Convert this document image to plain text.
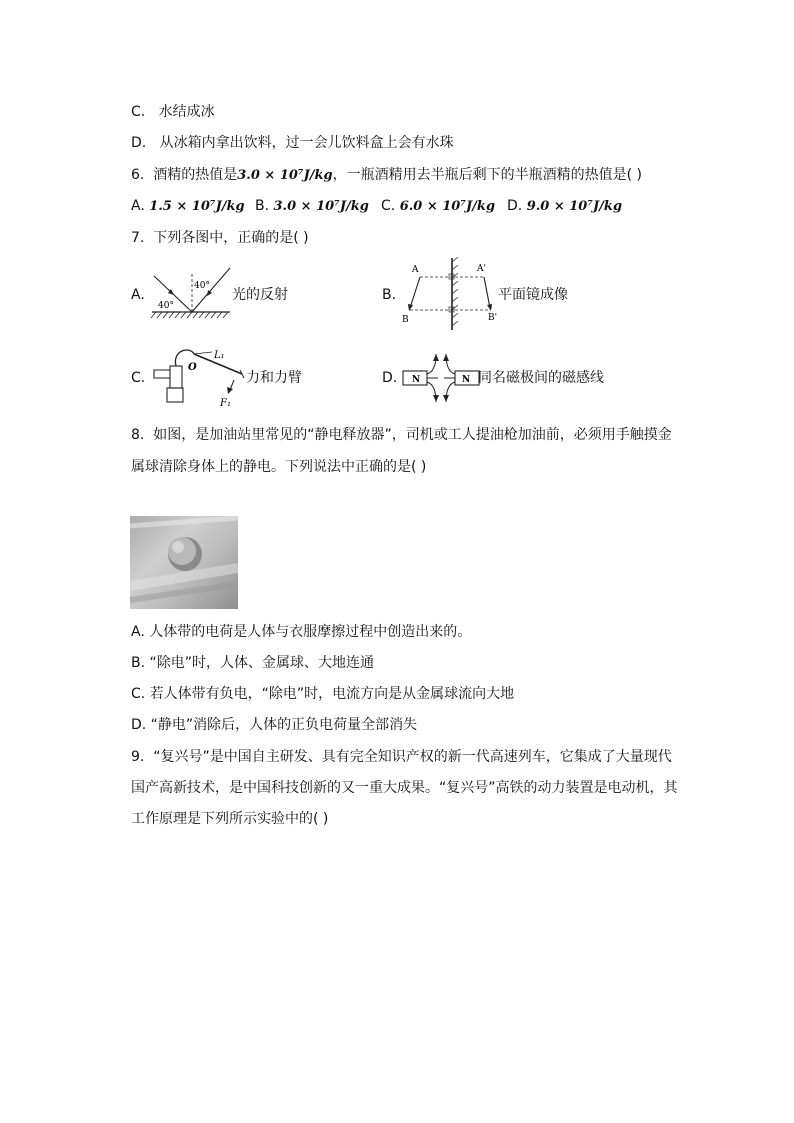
C. 水结成冰
D. 从冰箱内拿出饮料，过一会儿饮料盒上会有水珠
6. 酒精的热值是3.0 × 10⁷J/kg，一瓶酒精用去半瓶后剩下的半瓶酒精的热值是( )
A. 1.5 × 10⁷J/kg B. 3.0 × 10⁷J/kg C. 6.0 × 10⁷J/kg D. 9.0 × 10⁷J/kg
7. 下列各图中，正确的是( )
A.
40°
40°
光的反射	B.
A	A'
B	B'
平面镜成像
C.
O
L₁
F₁
力和力臂	D. N	N 同名磁极间的磁感线
8. 如图，是加油站里常见的“静电释放器”，司机或工人提油枪加油前，必须用手触摸金
属球清除身体上的静电。下列说法中正确的是( )
A. 人体带的电荷是人体与衣服摩擦过程中创造出来的。
B. “除电”时，人体、金属球、大地连通
C. 若人体带有负电，“除电”时，电流方向是从金属球流向大地
D. “静电”消除后，人体的正负电荷量全部消失
9. “复兴号”是中国自主研发、具有完全知识产权的新一代高速列车，它集成了大量现代
国产高新技术，是中国科技创新的又一重大成果。“复兴号”高铁的动力装置是电动机，其
工作原理是下列所示实验中的( )
